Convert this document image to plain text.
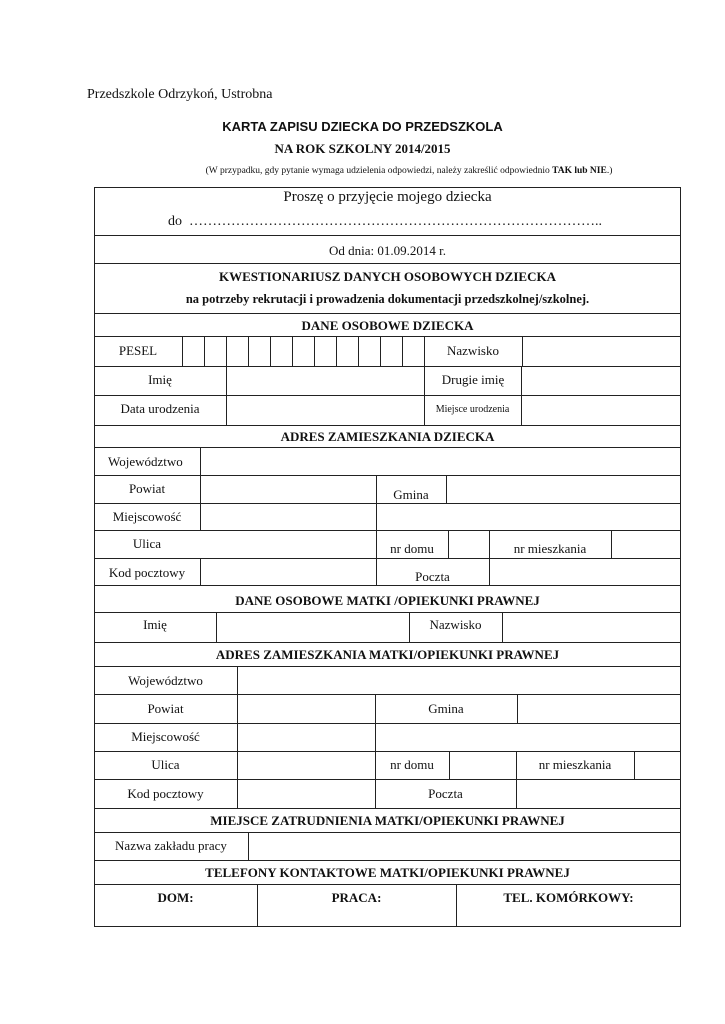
Przedszkole Odrzykoń, Ustrobna
KARTA ZAPISU DZIECKA DO PRZEDSZKOLA
NA ROK SZKOLNY 2014/2015
(W przypadku, gdy pytanie wymaga udzielenia odpowiedzi, należy zakreślić odpowiednio TAK lub NIE.)
Proszę o przyjęcie mojego dziecka
do ……………………………………………………………………………..
Od dnia: 01.09.2014 r.
KWESTIONARIUSZ DANYCH OSOBOWYCH DZIECKA
na potrzeby rekrutacji i prowadzenia dokumentacji przedszkolnej/szkolnej.
DANE OSOBOWE DZIECKA
PESEL	Nazwisko
Imię	Drugie imię
Data urodzenia	Miejsce urodzenia
ADRES ZAMIESZKANIA DZIECKA
Województwo
Powiat	Gmina
Miejscowość
Ulica	nr domu	nr mieszkania
Kod pocztowy	Poczta
DANE OSOBOWE MATKI /OPIEKUNKI PRAWNEJ
Imię	Nazwisko
ADRES ZAMIESZKANIA MATKI/OPIEKUNKI PRAWNEJ
Województwo
Powiat	Gmina
Miejscowość
Ulica	nr domu	nr mieszkania
Kod pocztowy	Poczta
MIEJSCE ZATRUDNIENIA MATKI/OPIEKUNKI PRAWNEJ
Nazwa zakładu pracy
TELEFONY KONTAKTOWE MATKI/OPIEKUNKI PRAWNEJ
DOM:	PRACA:	TEL. KOMÓRKOWY:
